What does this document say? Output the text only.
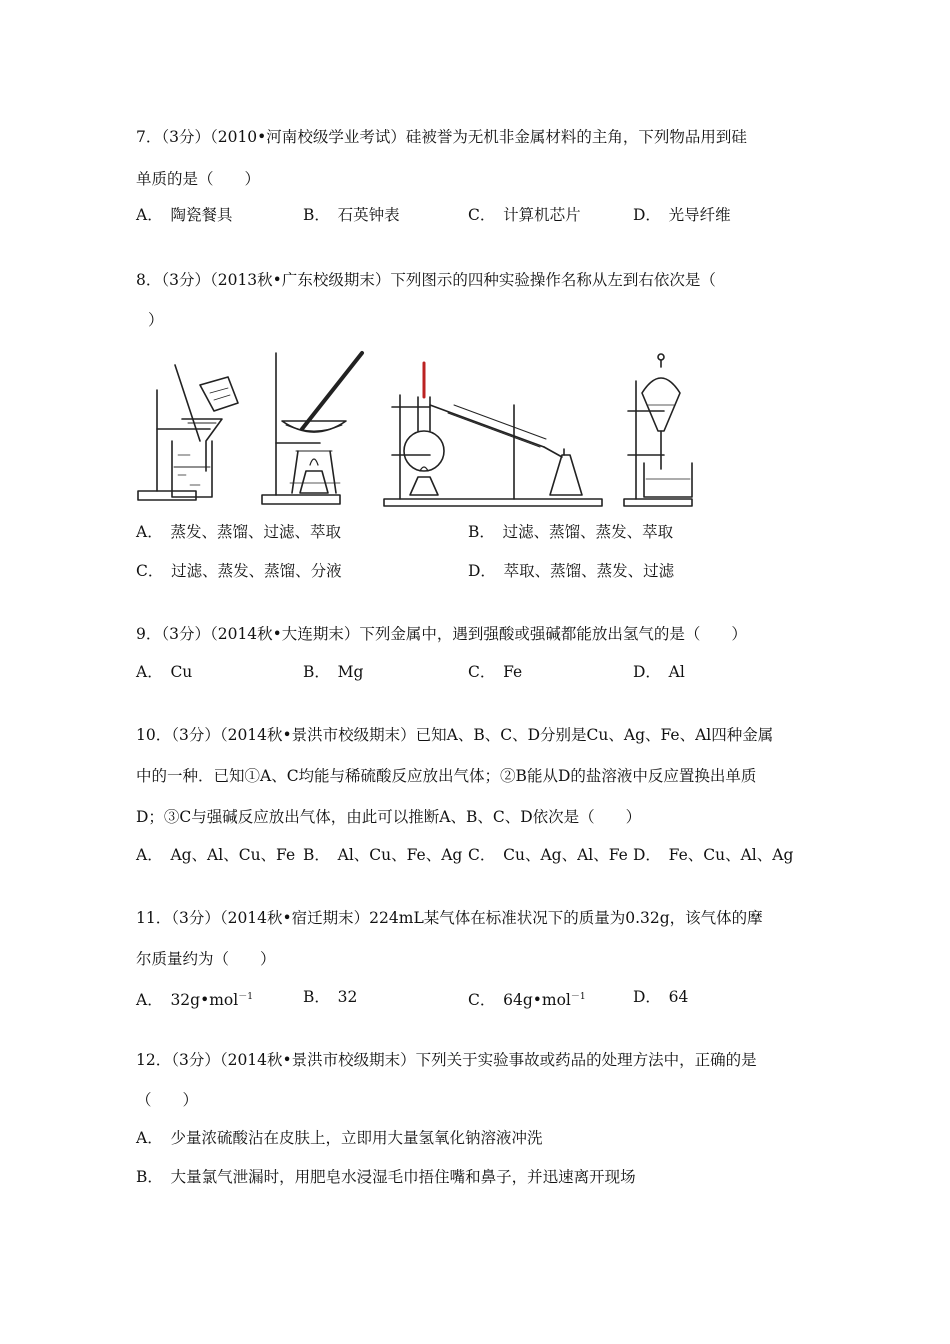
7．（3分）（2010•河南校级学业考试）硅被誉为无机非金属材料的主角，下列物品用到硅
单质的是（　　）
A．　陶瓷餐具	B．　石英钟表	C．　计算机芯片	D．　光导纤维
8．（3分）（2013秋•广东校级期末）下列图示的四种实验操作名称从左到右依次是（
）
A．　蒸发、蒸馏、过滤、萃取	B．　过滤、蒸馏、蒸发、萃取
C．　过滤、蒸发、蒸馏、分液	D．　萃取、蒸馏、蒸发、过滤
9．（3分）（2014秋•大连期末）下列金属中，遇到强酸或强碱都能放出氢气的是（　　）
A．　Cu	B．　Mg	C．　Fe	D．　Al
10．（3分）（2014秋•景洪市校级期末）已知A、B、C、D分别是Cu、Ag、Fe、Al四种金属
中的一种．已知①A、C均能与稀硫酸反应放出气体；②B能从D的盐溶液中反应置换出单质
D；③C与强碱反应放出气体，由此可以推断A、B、C、D依次是（　　）
A．　Ag、Al、Cu、Fe B．　Al、Cu、Fe、Ag C．　Cu、Ag、Al、Fe D．　Fe、Cu、Al、Ag
11．（3分）（2014秋•宿迁期末）224mL某气体在标准状况下的质量为0.32g，该气体的摩
尔质量约为（　　）
A．　32g•mol$^{-1}$	B．　32	C．　64g•mol$^{-1}$	D．　64
12．（3分）（2014秋•景洪市校级期末）下列关于实验事故或药品的处理方法中，正确的是
（　　）
A．　少量浓硫酸沾在皮肤上，立即用大量氢氧化钠溶液冲洗
B．　大量氯气泄漏时，用肥皂水浸湿毛巾捂住嘴和鼻子，并迅速离开现场
